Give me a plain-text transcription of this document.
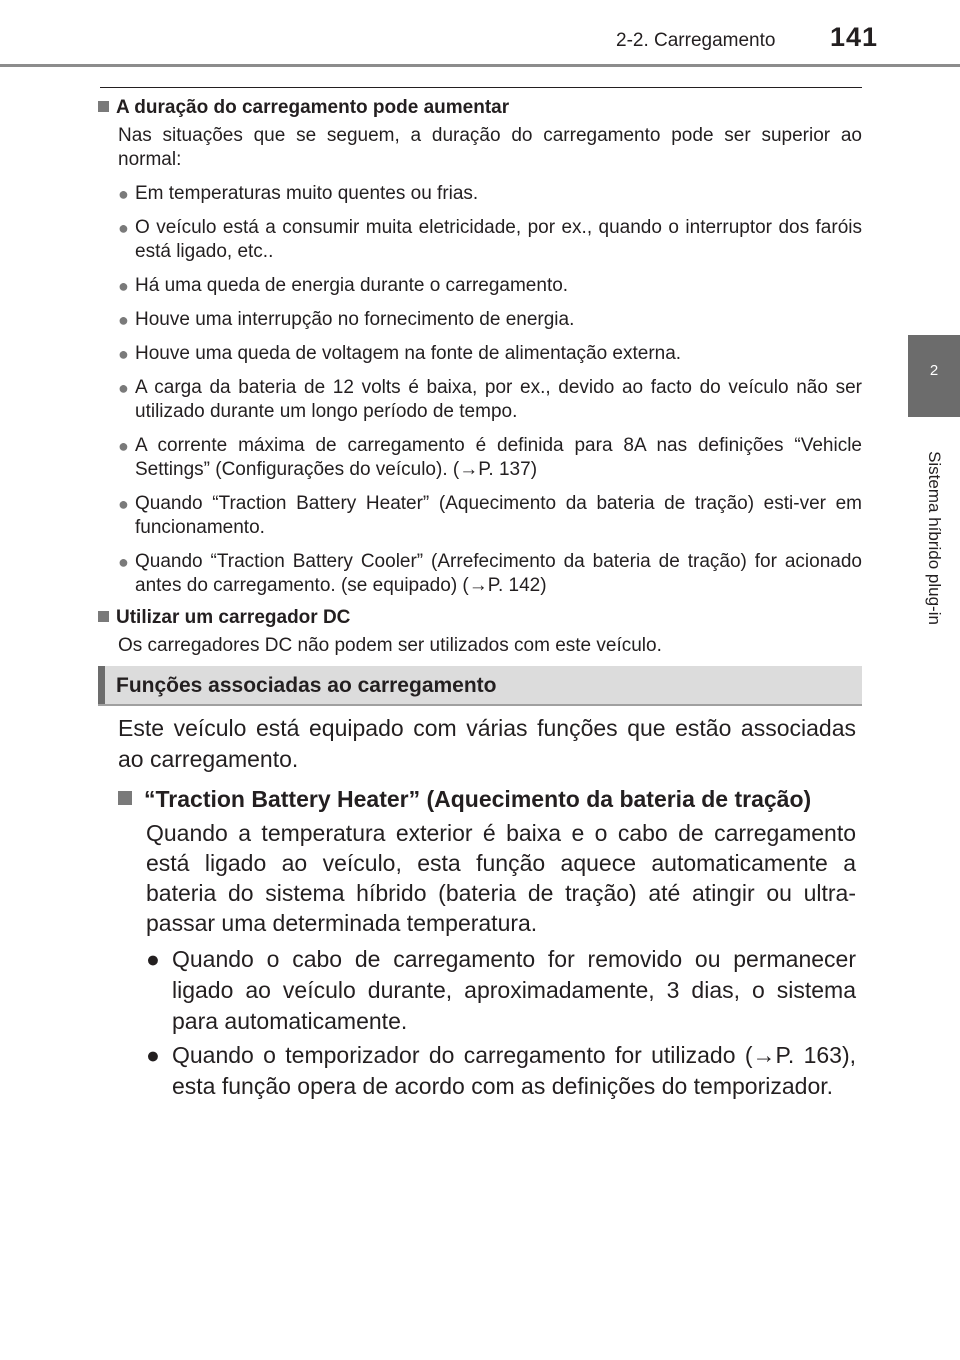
2-2. Carregamento 141
2
Sistema híbrido plug-in
A duração do carregamento pode aumentar
Nas situações que se seguem, a duração do carregamento pode ser superior ao normal:
● Em temperaturas muito quentes ou frias.
● O veículo está a consumir muita eletricidade, por ex., quando o interruptor dos faróis está ligado, etc..
● Há uma queda de energia durante o carregamento.
● Houve uma interrupção no fornecimento de energia.
● Houve uma queda de voltagem na fonte de alimentação externa.
● A carga da bateria de 12 volts é baixa, por ex., devido ao facto do veículo não ser utilizado durante um longo período de tempo.
● A corrente máxima de carregamento é definida para 8A nas definições “Vehicle Settings” (Configurações do veículo). (→P. 137)
● Quando “Traction Battery Heater” (Aquecimento da bateria de tração) esti-ver em funcionamento.
● Quando “Traction Battery Cooler” (Arrefecimento da bateria de tração) for acionado antes do carregamento. (se equipado) (→P. 142)
Utilizar um carregador DC
Os carregadores DC não podem ser utilizados com este veículo.
Funções associadas ao carregamento
Este veículo está equipado com várias funções que estão associadas ao carregamento.
“Traction Battery Heater” (Aquecimento da bateria de tração)
Quando a temperatura exterior é baixa e o cabo de carregamento está ligado ao veículo, esta função aquece automaticamente a bateria do sistema híbrido (bateria de tração) até atingir ou ultra-passar uma determinada temperatura.
● Quando o cabo de carregamento for removido ou permanecer ligado ao veículo durante, aproximadamente, 3 dias, o sistema para automaticamente.
● Quando o temporizador do carregamento for utilizado (→P. 163), esta função opera de acordo com as definições do temporizador.
